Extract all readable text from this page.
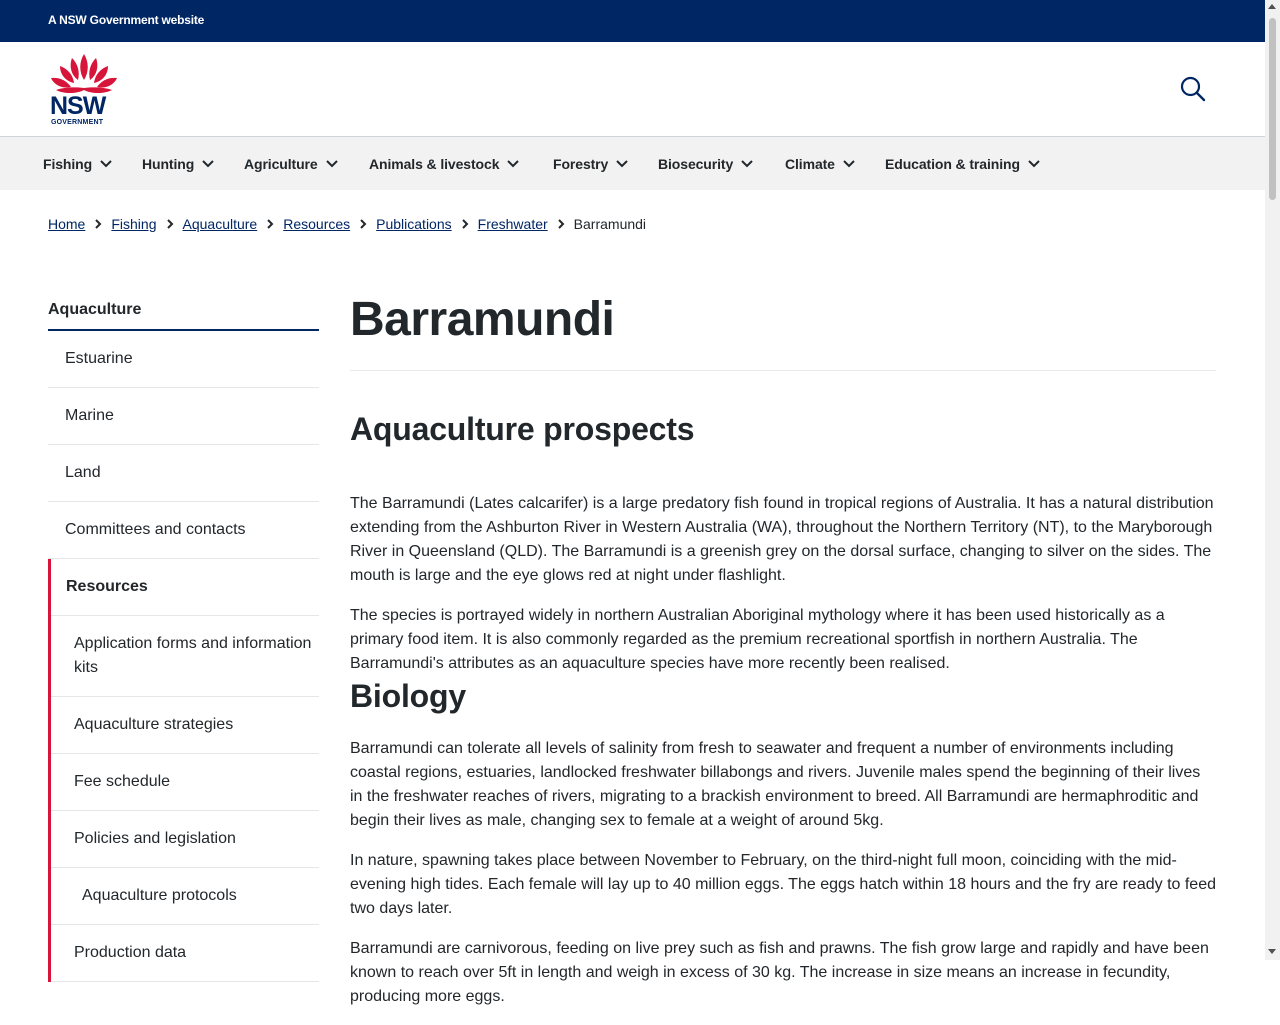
A NSW Government website
NSW
GOVERNMENT
Fishing	Hunting	Agriculture	Animals & livestock	Forestry	Biosecurity	Climate	Education & training
Home Fishing Aquaculture Resources Publications Freshwater Barramundi
Aquaculture
Estuarine
Marine
Land
Committees and contacts
Resources
Application forms and information kits
Aquaculture strategies
Fee schedule
Policies and legislation
Aquaculture protocols
Production data
Barramundi
Aquaculture prospects

The Barramundi (Lates calcarifer) is a large predatory fish found in tropical regions of Australia. It has a natural distribution extending from the Ashburton River in Western Australia (WA), throughout the Northern Territory (NT), to the Maryborough River in Queensland (QLD). The Barramundi is a greenish grey on the dorsal surface, changing to silver on the sides. The mouth is large and the eye glows red at night under flashlight.

The species is portrayed widely in northern Australian Aboriginal mythology where it has been used historically as a primary food item. It is also commonly regarded as the premium recreational sportfish in northern Australia. The Barramundi's attributes as an aquaculture species have more recently been realised.

Biology

Barramundi can tolerate all levels of salinity from fresh to seawater and frequent a number of environments including coastal regions, estuaries, landlocked freshwater billabongs and rivers. Juvenile males spend the beginning of their lives in the freshwater reaches of rivers, migrating to a brackish environment to breed. All Barramundi are hermaphroditic and begin their lives as male, changing sex to female at a weight of around 5kg.

In nature, spawning takes place between November to February, on the third-night full moon, coinciding with the mid-evening high tides. Each female will lay up to 40 million eggs. The eggs hatch within 18 hours and the fry are ready to feed two days later.

Barramundi are carnivorous, feeding on live prey such as fish and prawns. The fish grow large and rapidly and have been known to reach over 5ft in length and weigh in excess of 30 kg. The increase in size means an increase in fecundity, producing more eggs.
